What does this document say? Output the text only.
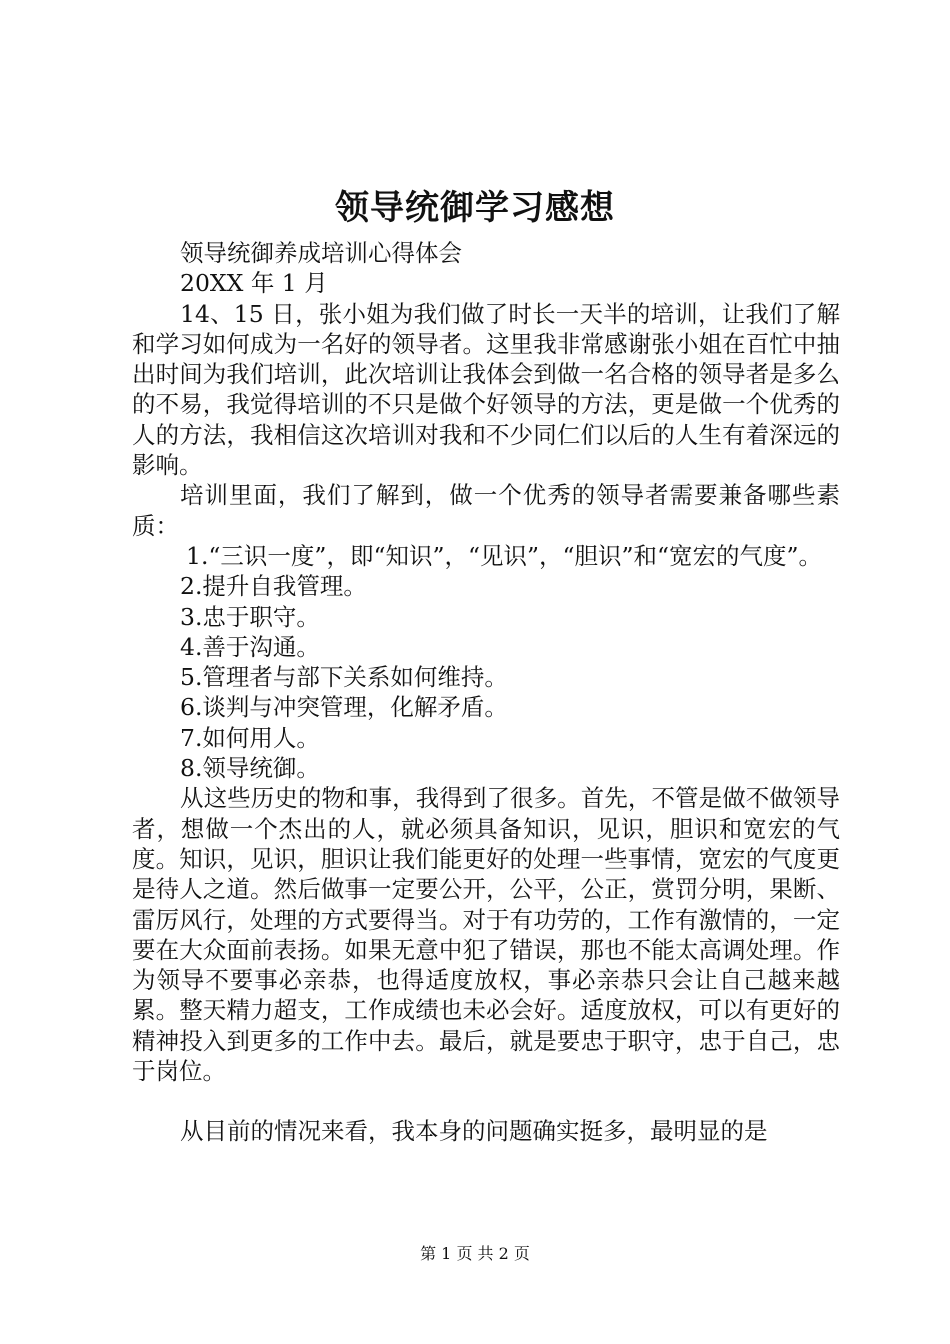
领导统御学习感想

领导统御养成培训心得体会

20XX 年 1 月

14、15 日，张小姐为我们做了时长一天半的培训，让我们了解和学习如何成为一名好的领导者。这里我非常感谢张小姐在百忙中抽出时间为我们培训，此次培训让我体会到做一名合格的领导者是多么的不易，我觉得培训的不只是做个好领导的方法，更是做一个优秀的人的方法，我相信这次培训对我和不少同仁们以后的人生有着深远的影响。

培训里面，我们了解到，做一个优秀的领导者需要兼备哪些素质：

1.“三识一度”，即“知识”，“见识”，“胆识”和“宽宏的气度”。

2.提升自我管理。

3.忠于职守。

4.善于沟通。

5.管理者与部下关系如何维持。

6.谈判与冲突管理，化解矛盾。

7.如何用人。

8.领导统御。

从这些历史的物和事，我得到了很多。首先，不管是做不做领导者，想做一个杰出的人，就必须具备知识，见识，胆识和宽宏的气度。知识，见识，胆识让我们能更好的处理一些事情，宽宏的气度更是待人之道。然后做事一定要公开，公平，公正，赏罚分明，果断、雷厉风行，处理的方式要得当。对于有功劳的，工作有激情的，一定要在大众面前表扬。如果无意中犯了错误，那也不能太高调处理。作为领导不要事必亲恭，也得适度放权，事必亲恭只会让自己越来越累。整天精力超支，工作成绩也未必会好。适度放权，可以有更好的精神投入到更多的工作中去。最后，就是要忠于职守，忠于自己，忠于岗位。

从目前的情况来看，我本身的问题确实挺多，最明显的是

第 1 页 共 2 页
